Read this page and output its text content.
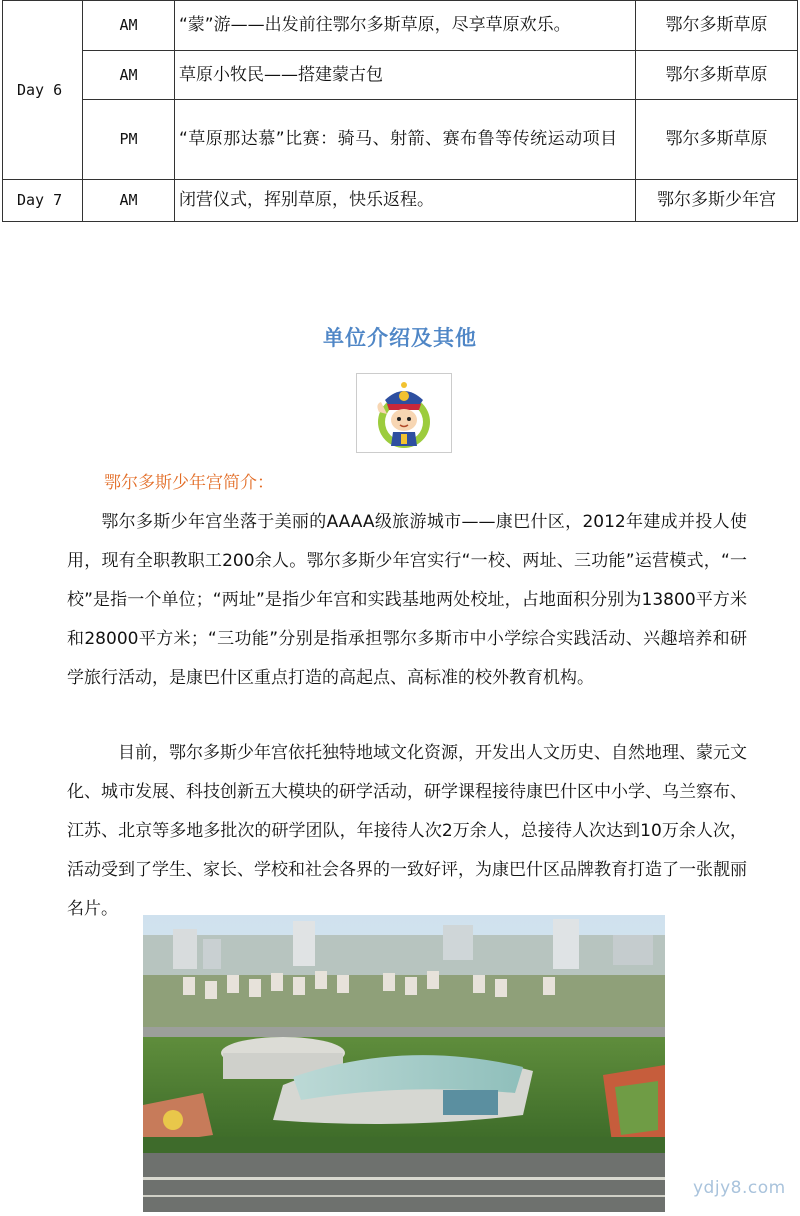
Day 6	AM	“蒙”游——出发前往鄂尔多斯草原，尽享草原欢乐。	鄂尔多斯草原
	AM	草原小牧民——搭建蒙古包	鄂尔多斯草原
	PM	“草原那达慕”比赛：骑马、射箭、赛布鲁等传统运动项目	鄂尔多斯草原
Day 7	AM	闭营仪式，挥别草原，快乐返程。	鄂尔多斯少年宫
单位介绍及其他
鄂尔多斯少年宫简介：
鄂尔多斯少年宫坐落于美丽的AAAA级旅游城市——康巴什区，2012年建成并投人使用，现有全职教职工200余人。鄂尔多斯少年宫实行“一校、两址、三功能”运营模式，“一校”是指一个单位；“两址”是指少年宫和实践基地两处校址，占地面积分别为13800平方米和28000平方米；“三功能”分别是指承担鄂尔多斯市中小学综合实践活动、兴趣培养和研学旅行活动，是康巴什区重点打造的高起点、高标准的校外教育机构。
目前，鄂尔多斯少年宫依托独特地域文化资源，开发出人文历史、自然地理、蒙元文化、城市发展、科技创新五大模块的研学活动，研学课程接待康巴什区中小学、乌兰察布、江苏、北京等多地多批次的研学团队，年接待人次2万余人，总接待人次达到10万余人次，活动受到了学生、家长、学校和社会各界的一致好评，为康巴什区品牌教育打造了一张靓丽名片。
ydjy8.com
